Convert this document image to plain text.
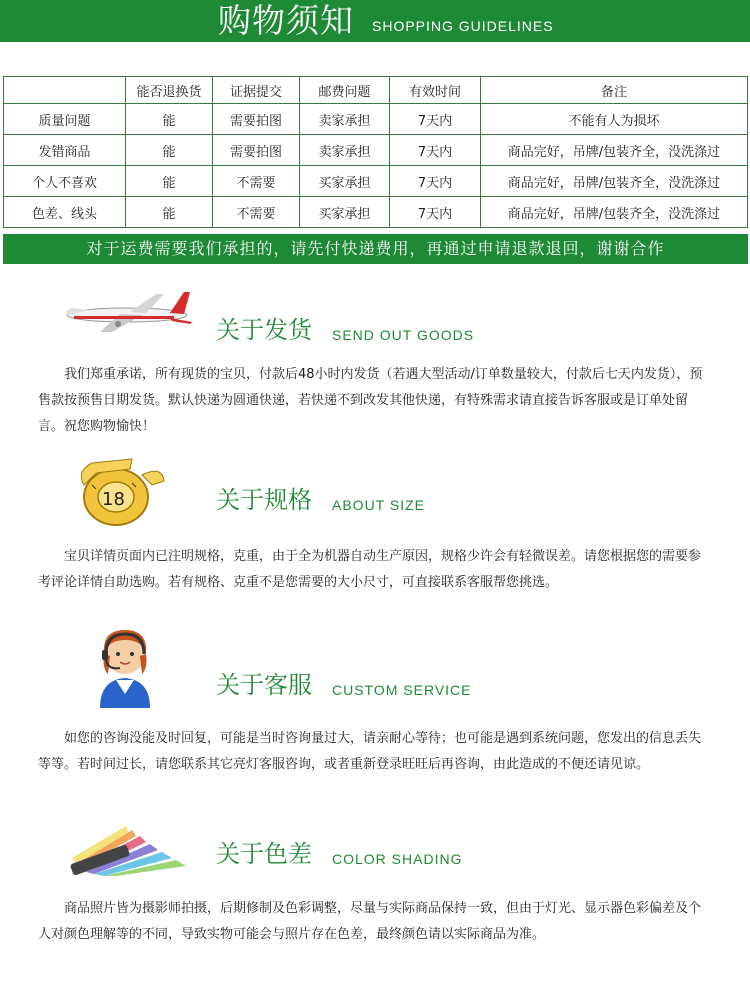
购物须知 SHOPPING GUIDELINES
	能否退换货	证据提交	邮费问题	有效时间	备注
质量问题	能	需要拍图	卖家承担	7天内	不能有人为损坏
发错商品	能	需要拍图	卖家承担	7天内	商品完好，吊牌/包装齐全，没洗涤过
个人不喜欢	能	不需要	买家承担	7天内	商品完好，吊牌/包装齐全，没洗涤过
色差、线头	能	不需要	买家承担	7天内	商品完好，吊牌/包装齐全，没洗涤过
对于运费需要我们承担的，请先付快递费用，再通过申请退款退回，谢谢合作
关于发货 SEND OUT GOODS
我们郑重承诺，所有现货的宝贝，付款后48小时内发货（若遇大型活动/订单数量较大，付款后七天内发货），预售款按预售日期发货。默认快递为圆通快递，若快递不到改发其他快递，有特殊需求请直接告诉客服或是订单处留言。祝您购物愉快！
18	关于规格 ABOUT SIZE
宝贝详情页面内已注明规格，克重，由于全为机器自动生产原因，规格少许会有轻微误差。请您根据您的需要参考评论详情自助选购。若有规格、克重不是您需要的大小尺寸，可直接联系客服帮您挑选。
关于客服 CUSTOM SERVICE
如您的咨询没能及时回复，可能是当时咨询量过大，请亲耐心等待；也可能是遇到系统问题，您发出的信息丢失等等。若时间过长，请您联系其它亮灯客服咨询，或者重新登录旺旺后再咨询，由此造成的不便还请见谅。
关于色差 COLOR SHADING
商品照片皆为摄影师拍摄，后期修制及色彩调整，尽量与实际商品保持一致，但由于灯光、显示器色彩偏差及个人对颜色理解等的不同，导致实物可能会与照片存在色差，最终颜色请以实际商品为准。
